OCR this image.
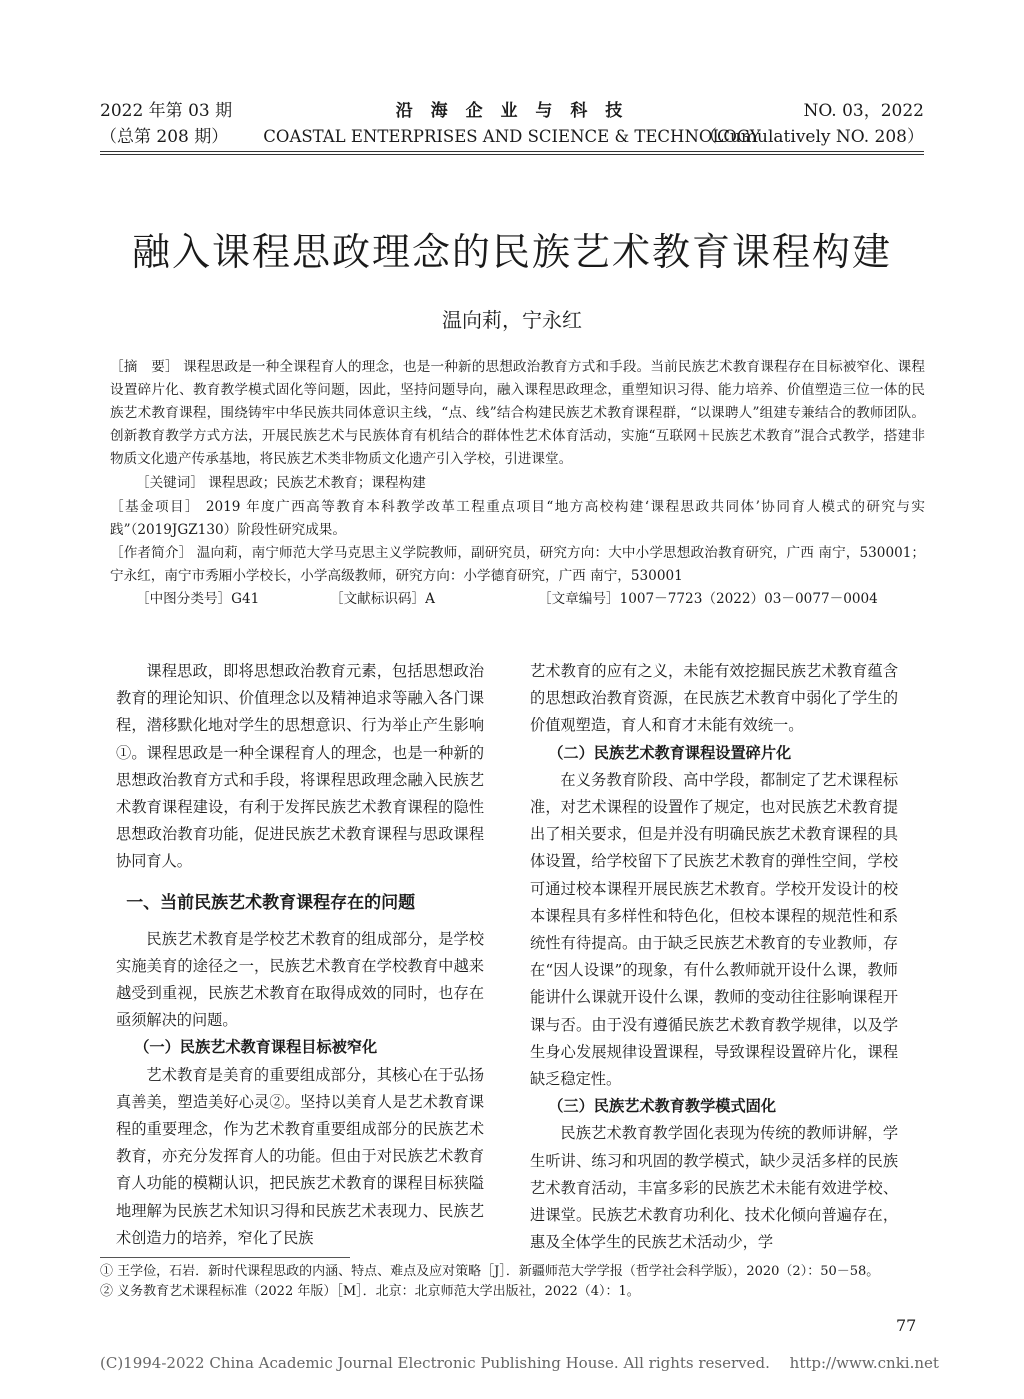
2022 年第 03 期
（总第 208 期）
沿 海 企 业 与 科 技
COASTAL ENTERPRISES AND SCIENCE & TECHNOLOGY
NO. 03，2022
（Cumulatively NO. 208）
融入课程思政理念的民族艺术教育课程构建
温向莉，宁永红
［摘　要］ 课程思政是一种全课程育人的理念，也是一种新的思想政治教育方式和手段。当前民族艺术教育课程存在目标被窄化、课程设置碎片化、教育教学模式固化等问题，因此，坚持问题导向，融入课程思政理念，重塑知识习得、能力培养、价值塑造三位一体的民族艺术教育课程，围绕铸牢中华民族共同体意识主线，“点、线”结合构建民族艺术教育课程群，“以课聘人”组建专兼结合的教师团队。创新教育教学方式方法，开展民族艺术与民族体育有机结合的群体性艺术体育活动，实施“互联网＋民族艺术教育”混合式教学，搭建非物质文化遗产传承基地，将民族艺术类非物质文化遗产引入学校，引进课堂。
［关键词］ 课程思政；民族艺术教育；课程构建
［基金项目］ 2019 年度广西高等教育本科教学改革工程重点项目“地方高校构建‘课程思政共同体’协同育人模式的研究与实践”（2019JGZ130）阶段性研究成果。
［作者简介］ 温向莉，南宁师范大学马克思主义学院教师，副研究员，研究方向：大中小学思想政治教育研究，广西 南宁，530001；宁永红，南宁市秀厢小学校长，小学高级教师，研究方向：小学德育研究，广西 南宁，530001
［中图分类号］G41	［文献标识码］A	［文章编号］1007－7723（2022）03－0077－0004

课程思政，即将思想政治教育元素，包括思想政治教育的理论知识、价值理念以及精神追求等融入各门课程，潜移默化地对学生的思想意识、行为举止产生影响①。课程思政是一种全课程育人的理念，也是一种新的思想政治教育方式和手段，将课程思政理念融入民族艺术教育课程建设，有利于发挥民族艺术教育课程的隐性思想政治教育功能，促进民族艺术教育课程与思政课程协同育人。

一、当前民族艺术教育课程存在的问题

民族艺术教育是学校艺术教育的组成部分，是学校实施美育的途径之一，民族艺术教育在学校教育中越来越受到重视，民族艺术教育在取得成效的同时，也存在亟须解决的问题。

（一）民族艺术教育课程目标被窄化

艺术教育是美育的重要组成部分，其核心在于弘扬真善美，塑造美好心灵②。坚持以美育人是艺术教育课程的重要理念，作为艺术教育重要组成部分的民族艺术教育，亦充分发挥育人的功能。但由于对民族艺术教育育人功能的模糊认识，把民族艺术教育的课程目标狭隘地理解为民族艺术知识习得和民族艺术表现力、民族艺术创造力的培养，窄化了民族

艺术教育的应有之义，未能有效挖掘民族艺术教育蕴含的思想政治教育资源，在民族艺术教育中弱化了学生的价值观塑造，育人和育才未能有效统一。

（二）民族艺术教育课程设置碎片化

在义务教育阶段、高中学段，都制定了艺术课程标准，对艺术课程的设置作了规定，也对民族艺术教育提出了相关要求，但是并没有明确民族艺术教育课程的具体设置，给学校留下了民族艺术教育的弹性空间，学校可通过校本课程开展民族艺术教育。学校开发设计的校本课程具有多样性和特色化，但校本课程的规范性和系统性有待提高。由于缺乏民族艺术教育的专业教师，存在“因人设课”的现象，有什么教师就开设什么课，教师能讲什么课就开设什么课，教师的变动往往影响课程开课与否。由于没有遵循民族艺术教育教学规律，以及学生身心发展规律设置课程，导致课程设置碎片化，课程缺乏稳定性。

（三）民族艺术教育教学模式固化

民族艺术教育教学固化表现为传统的教师讲解，学生听讲、练习和巩固的教学模式，缺少灵活多样的民族艺术教育活动，丰富多彩的民族艺术未能有效进学校、进课堂。民族艺术教育功利化、技术化倾向普遍存在，惠及全体学生的民族艺术活动少，学

① 王学俭，石岩．新时代课程思政的内涵、特点、难点及应对策略［J］．新疆师范大学学报（哲学社会科学版），2020（2）：50－58。
② 义务教育艺术课程标准（2022 年版）［M］．北京：北京师范大学出版社，2022（4）：1。
77
(C)1994-2022 China Academic Journal Electronic Publishing House. All rights reserved.　 http://www.cnki.net
